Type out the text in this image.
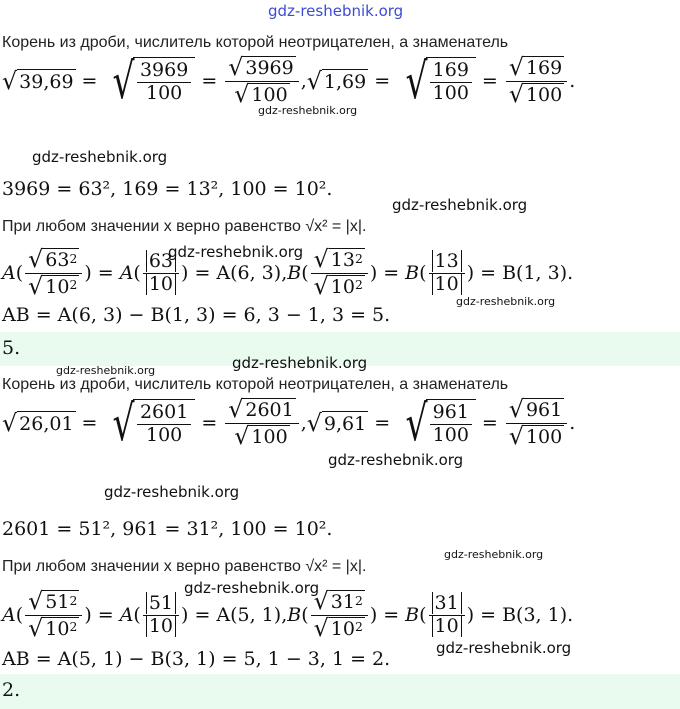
gdz-reshebnik.org
Корень из дроби, числитель которой неотрицателен, а знаменатель
√ 39,69 = √ $\frac{3969}{100} = \frac{√ 3969}{√ 100}$ , √ 1,69 = √ $\frac{169}{100} = \frac{√ 169}{√ 100}$ .
gdz-reshebnik.org
gdz-reshebnik.org
3969 = 63², 169 = 13², 100 = 10².
gdz-reshebnik.org
При любом значении x верно равенство √x² = |x|.
A ( $\frac{√ 63 2}{√ 10 2}$ ) = A ( $\frac{63}{10}$ ) = A(6, 3) , B ( $\frac{√ 13 2}{√ 10 2}$ ) = B ( $\frac{13}{10}$ ) = B(1, 3) .
gdz-reshebnik.org
gdz-reshebnik.org
AB = A(6, 3) − B(1, 3) = 6, 3 − 1, 3 = 5.
5.
gdz-reshebnik.org
gdz-reshebnik.org
Корень из дроби, числитель которой неотрицателен, а знаменатель
√ 26,01 = √ $\frac{2601}{100} = \frac{√ 2601}{√ 100}$ , √ 9,61 = √ $\frac{961}{100} = \frac{√ 961}{√ 100}$ .
gdz-reshebnik.org
gdz-reshebnik.org
2601 = 51², 961 = 31², 100 = 10².
При любом значении x верно равенство √x² = |x|.
gdz-reshebnik.org
A ( $\frac{√ 51 2}{√ 10 2}$ ) = A ( $\frac{51}{10}$ ) = A(5, 1) , B ( $\frac{√ 31 2}{√ 10 2}$ ) = B ( $\frac{31}{10}$ ) = B(3, 1) .
gdz-reshebnik.org
AB = A(5, 1) − B(3, 1) = 5, 1 − 3, 1 = 2.	gdz-reshebnik.org
2.
